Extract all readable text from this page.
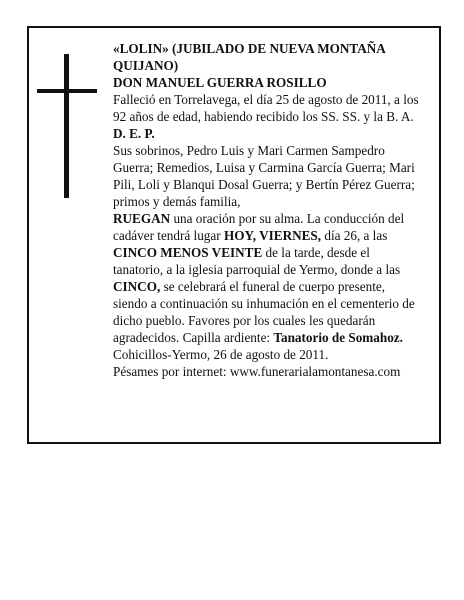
«LOLIN» (JUBILADO DE NUEVA MONTAÑA QUIJANO)

DON MANUEL GUERRA ROSILLO

Falleció en Torrelavega, el día 25 de agosto de 2011, a los 92 años de edad, habiendo recibido los SS. SS. y la B. A.

D. E. P.

Sus sobrinos, Pedro Luis y Mari Carmen Sampedro Guerra; Remedios, Luisa y Carmina García Guerra; Mari Pili, Loli y Blanqui Dosal Guerra; y Bertín Pérez Guerra; primos y demás familia,

RUEGAN una oración por su alma. La conducción del cadáver tendrá lugar HOY, VIERNES, día 26, a las CINCO MENOS VEINTE de la tarde, desde el tanatorio, a la iglesia parroquial de Yermo, donde a las CINCO, se celebrará el funeral de cuerpo presente, siendo a continuación su inhumación en el cementerio de dicho pueblo. Favores por los cuales les quedarán agradecidos. Capilla ardiente: Tanatorio de Somahoz.

Cohicillos-Yermo, 26 de agosto de 2011.

Pésames por internet: www.funerarialamontanesa.com
